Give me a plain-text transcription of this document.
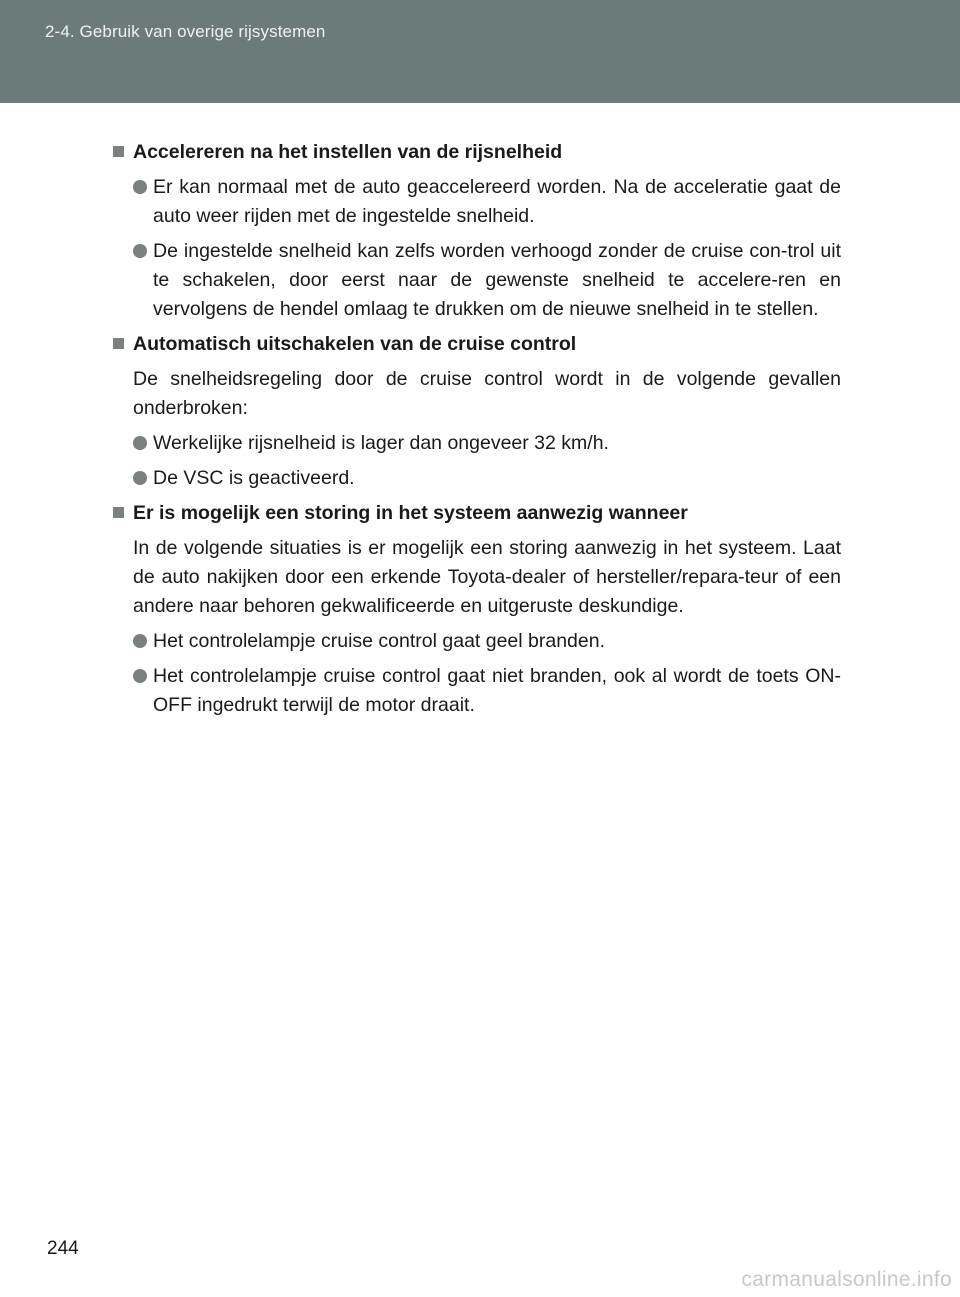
2-4. Gebruik van overige rijsystemen
Accelereren na het instellen van de rijsnelheid
Er kan normaal met de auto geaccelereerd worden. Na de acceleratie gaat de auto weer rijden met de ingestelde snelheid.
De ingestelde snelheid kan zelfs worden verhoogd zonder de cruise con-trol uit te schakelen, door eerst naar de gewenste snelheid te accelere-ren en vervolgens de hendel omlaag te drukken om de nieuwe snelheid in te stellen.
Automatisch uitschakelen van de cruise control
De snelheidsregeling door de cruise control wordt in de volgende gevallen onderbroken:
Werkelijke rijsnelheid is lager dan ongeveer 32 km/h.
De VSC is geactiveerd.
Er is mogelijk een storing in het systeem aanwezig wanneer
In de volgende situaties is er mogelijk een storing aanwezig in het systeem. Laat de auto nakijken door een erkende Toyota-dealer of hersteller/repara-teur of een andere naar behoren gekwalificeerde en uitgeruste deskundige.
Het controlelampje cruise control gaat geel branden.
Het controlelampje cruise control gaat niet branden, ook al wordt de toets ON-OFF ingedrukt terwijl de motor draait.
244
carmanualsonline.info
